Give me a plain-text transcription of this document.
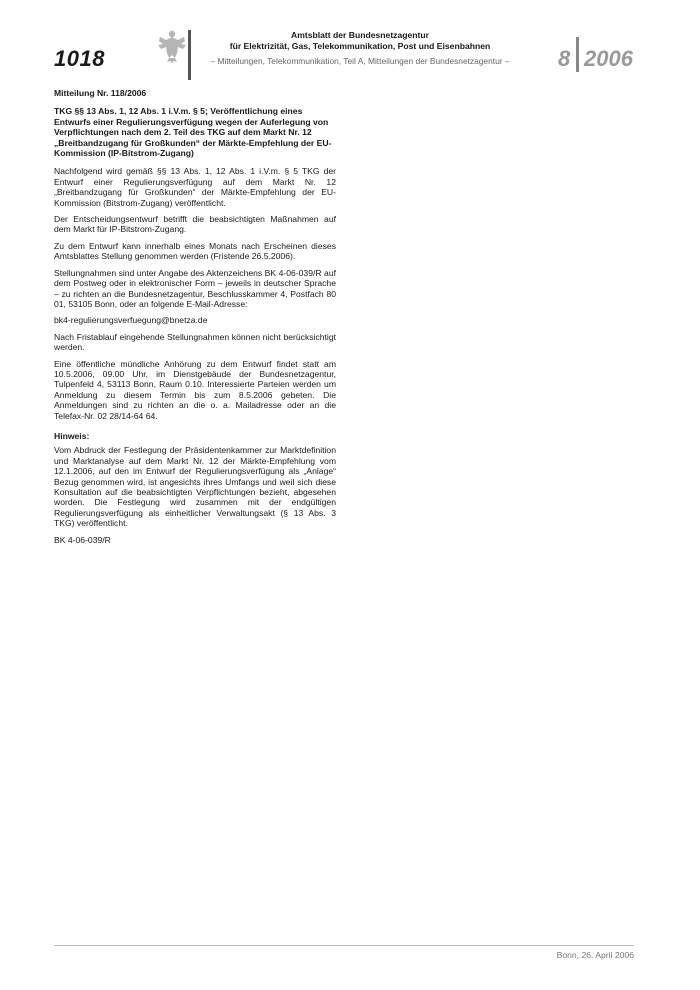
1018
Amtsblatt der Bundesnetzagentur
für Elektrizität, Gas, Telekommunikation, Post und Eisenbahnen
– Mitteilungen, Telekommunikation, Teil A, Mitteilungen der Bundesnetzagentur –	8 2006

Mitteilung Nr. 118/2006

TKG §§ 13 Abs. 1, 12 Abs. 1 i.V.m. § 5; Veröffentlichung eines Entwurfs einer Regulierungsverfügung wegen der Auferlegung von Verpflichtungen nach dem 2. Teil des TKG auf dem Markt Nr. 12 „Breitbandzugang für Großkunden“ der Märkte-Empfehlung der EU-Kommission (IP-Bitstrom-Zugang)

Nachfolgend wird gemäß §§ 13 Abs. 1, 12 Abs. 1 i.V.m. § 5 TKG der Entwurf einer Regulierungsverfügung auf dem Markt Nr. 12 „Breitbandzugang für Großkunden“ der Märkte-Empfehlung der EU-Kommission (Bitstrom-Zugang) veröffentlicht.

Der Entscheidungsentwurf betrifft die beabsichtigten Maßnahmen auf dem Markt für IP-Bitstrom-Zugang.

Zu dem Entwurf kann innerhalb eines Monats nach Erscheinen dieses Amtsblattes Stellung genommen werden (Fristende 26.5.2006).

Stellungnahmen sind unter Angabe des Aktenzeichens BK 4-06-039/R auf dem Postweg oder in elektronischer Form – jeweils in deutscher Sprache – zu richten an die Bundesnetzagentur, Beschlusskammer 4, Postfach 80 01, 53105 Bonn, oder an folgende E-Mail-Adresse:

bk4-regulierungsverfuegung@bnetza.de

Nach Fristablauf eingehende Stellungnahmen können nicht berücksichtigt werden.

Eine öffentliche mündliche Anhörung zu dem Entwurf findet statt am 10.5.2006, 09.00 Uhr, im Dienstgebäude der Bundesnetzagentur, Tulpenfeld 4, 53113 Bonn, Raum 0.10. Interessierte Parteien werden um Anmeldung zu diesem Termin bis zum 8.5.2006 gebeten. Die Anmeldungen sind zu richten an die o. a. Mailadresse oder an die Telefax-Nr. 02 28/14-64 64.

Hinweis:

Vom Abdruck der Festlegung der Präsidentenkammer zur Marktdefinition und Marktanalyse auf dem Markt Nr. 12 der Märkte-Empfehlung vom 12.1.2006, auf den im Entwurf der Regulierungsverfügung als „Anlage“ Bezug genommen wird, ist angesichts ihres Umfangs und weil sich diese Konsultation auf die beabsichtigten Verpflichtungen bezieht, abgesehen worden. Die Festlegung wird zusammen mit der endgültigen Regulierungsverfügung als einheitlicher Verwaltungsakt (§ 13 Abs. 3 TKG) veröffentlicht.

BK 4-06-039/R

Bonn, 26. April 2006
